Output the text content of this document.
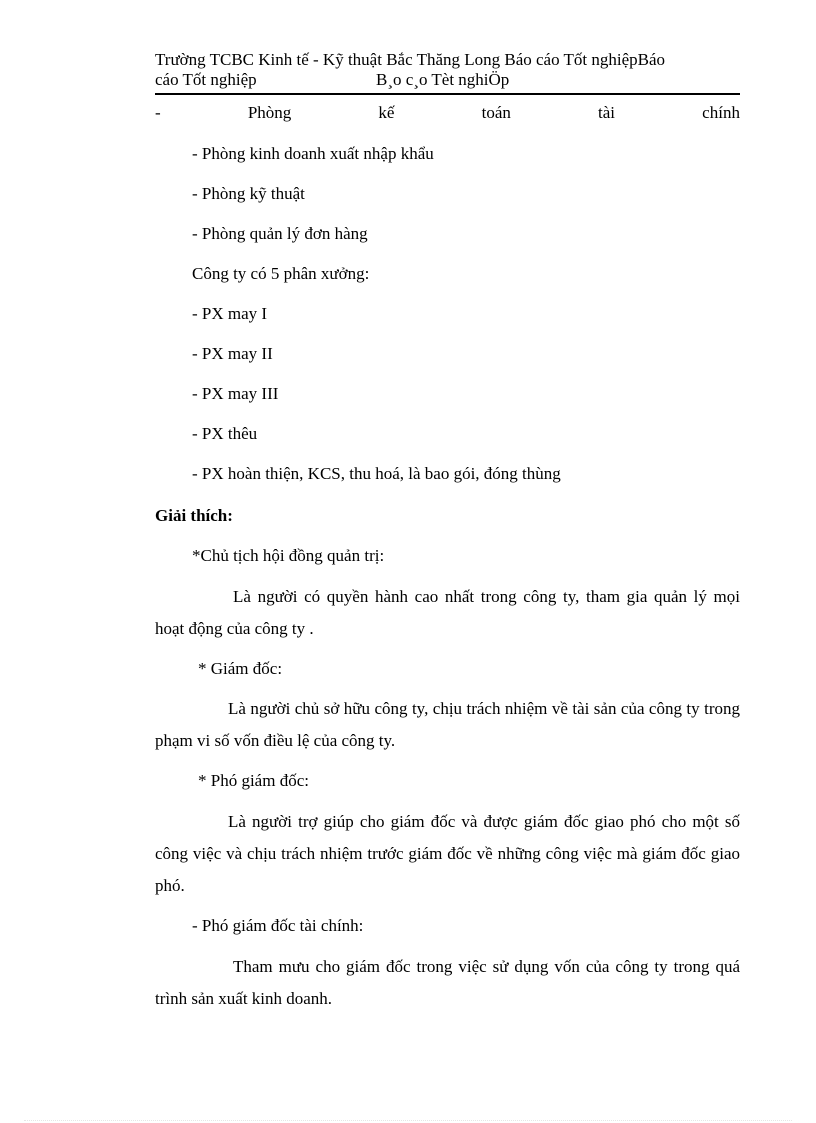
Trường TCBC Kinh tế - Kỹ thuật Bắc Thăng Long Báo cáo Tốt nghiệpBáo
cáo Tốt nghiệp	B¸o c¸o Tèt nghiÖp
-	Phòng	kế	toán	tài	chính
- Phòng kinh doanh xuất nhập khẩu
- Phòng kỹ thuật
- Phòng quản lý đơn hàng
Công ty có 5 phân xưởng:
- PX may I
- PX may II
- PX may III
- PX thêu
- PX hoàn thiện, KCS, thu hoá, là bao gói, đóng thùng
Giải thích:
*Chủ tịch hội đồng quản trị:
Là người có quyền hành cao nhất trong công ty, tham gia quản lý mọi hoạt động của công ty .
* Giám đốc:
Là người chủ sở hữu công ty, chịu trách nhiệm về tài sản của công ty trong phạm vi số vốn điều lệ của công ty.
* Phó giám đốc:
Là người trợ giúp cho giám đốc và được giám đốc giao phó cho một số công việc và chịu trách nhiệm trước giám đốc về những công việc mà giám đốc giao phó.
- Phó giám đốc tài chính:
Tham mưu cho giám đốc trong việc sử dụng vốn của công ty trong quá trình sản xuất kinh doanh.
